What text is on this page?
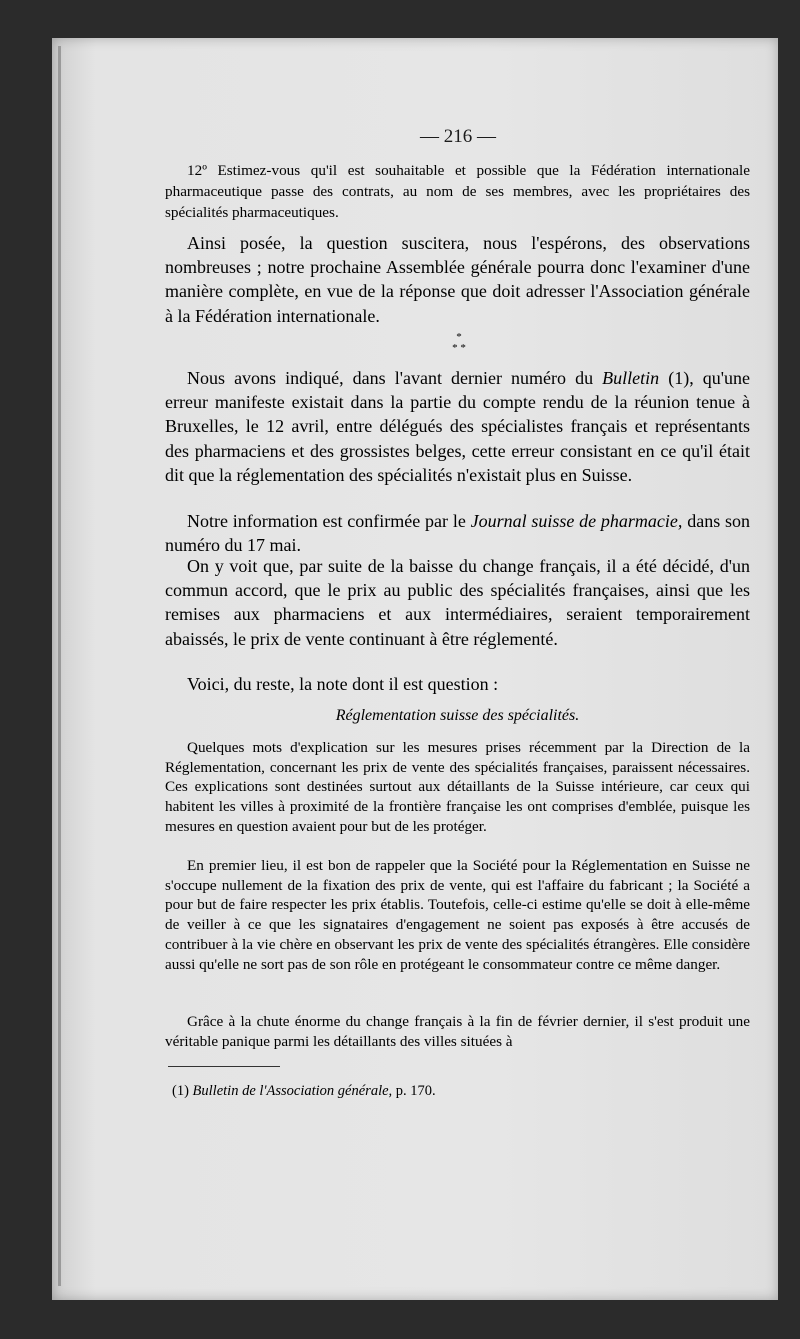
— 216 —

12º Estimez-vous qu'il est souhaitable et possible que la Fédération internationale pharmaceutique passe des contrats, au nom de ses membres, avec les propriétaires des spécialités pharmaceutiques.

Ainsi posée, la question suscitera, nous l'espérons, des observations nombreuses ; notre prochaine Assemblée générale pourra donc l'examiner d'une manière complète, en vue de la réponse que doit adresser l'Association générale à la Fédération internationale.

*
* *

Nous avons indiqué, dans l'avant dernier numéro du Bulletin (1), qu'une erreur manifeste existait dans la partie du compte rendu de la réunion tenue à Bruxelles, le 12 avril, entre délégués des spécialistes français et représentants des pharmaciens et des grossistes belges, cette erreur consistant en ce qu'il était dit que la réglementation des spécialités n'existait plus en Suisse.

Notre information est confirmée par le Journal suisse de pharmacie, dans son numéro du 17 mai.

On y voit que, par suite de la baisse du change français, il a été décidé, d'un commun accord, que le prix au public des spécialités françaises, ainsi que les remises aux pharmaciens et aux intermédiaires, seraient temporairement abaissés, le prix de vente continuant à être réglementé.

Voici, du reste, la note dont il est question :

Réglementation suisse des spécialités.

Quelques mots d'explication sur les mesures prises récemment par la Direction de la Réglementation, concernant les prix de vente des spécialités françaises, paraissent nécessaires. Ces explications sont destinées surtout aux détaillants de la Suisse intérieure, car ceux qui habitent les villes à proximité de la frontière française les ont comprises d'emblée, puisque les mesures en question avaient pour but de les protéger.

En premier lieu, il est bon de rappeler que la Société pour la Réglementation en Suisse ne s'occupe nullement de la fixation des prix de vente, qui est l'affaire du fabricant ; la Société a pour but de faire respecter les prix établis. Toutefois, celle-ci estime qu'elle se doit à elle-même de veiller à ce que les signataires d'engagement ne soient pas exposés à être accusés de contribuer à la vie chère en observant les prix de vente des spécialités étrangères. Elle considère aussi qu'elle ne sort pas de son rôle en protégeant le consommateur contre ce même danger.

Grâce à la chute énorme du change français à la fin de février dernier, il s'est produit une véritable panique parmi les détaillants des villes situées à

(1) Bulletin de l'Association générale, p. 170.
